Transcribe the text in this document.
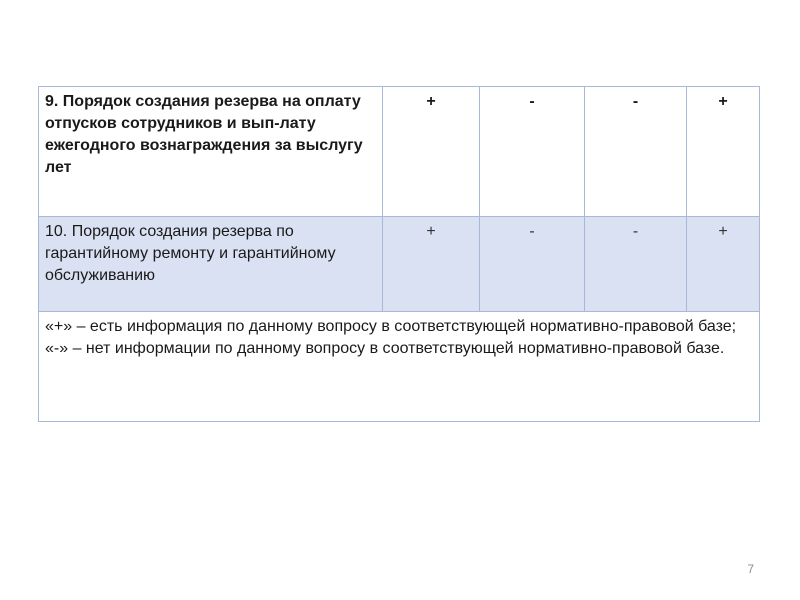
9. Порядок создания резерва на оплату отпусков сотрудников и вып-лату ежегодного вознаграждения за выслугу лет	+	-	-	+
10. Порядок создания резерва по гарантийному ремонту и гарантийному обслуживанию	+	-	-	+

«+» – есть информация по данному вопросу в соответствующей нормативно-правовой базе;

«-» – нет информации по данному вопросу в соответствующей нормативно-правовой базе.				

7
